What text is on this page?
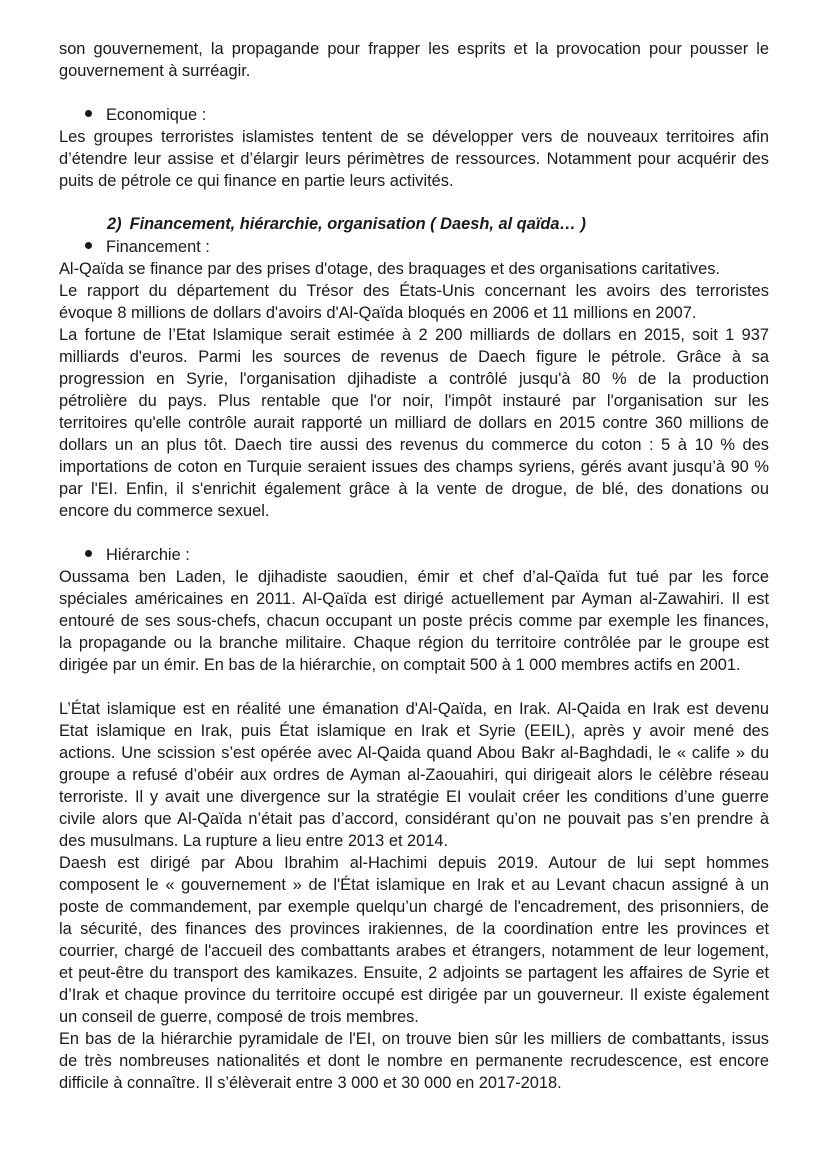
son gouvernement, la propagande pour frapper les esprits et la provocation pour pousser le
gouvernement à surréagir.
Economique :
Les groupes terroristes islamistes tentent de se développer vers de nouveaux territoires afin
d’étendre leur assise et d’élargir leurs périmètres de ressources. Notamment pour acquérir des
puits de pétrole ce qui finance en partie leurs activités.
2) Financement, hiérarchie, organisation ( Daesh, al qaïda… )
Financement :
Al-Qaïda se finance par des prises d'otage, des braquages et des organisations caritatives.
Le rapport du département du Trésor des États-Unis concernant les avoirs des terroristes
évoque 8 millions de dollars d'avoirs d'Al-Qaïda bloqués en 2006 et 11 millions en 2007.
La fortune de l’Etat Islamique serait estimée à 2 200 milliards de dollars en 2015, soit 1 937
milliards d'euros. Parmi les sources de revenus de Daech figure le pétrole. Grâce à sa
progression en Syrie, l'organisation djihadiste a contrôlé jusqu'à 80 % de la production
pétrolière du pays. Plus rentable que l'or noir, l'impôt instauré par l'organisation sur les
territoires qu'elle contrôle aurait rapporté un milliard de dollars en 2015 contre 360 millions de
dollars un an plus tôt. Daech tire aussi des revenus du commerce du coton : 5 à 10 % des
importations de coton en Turquie seraient issues des champs syriens, gérés avant jusqu’à 90 %
par l'EI. Enfin, il s'enrichit également grâce à la vente de drogue, de blé, des donations ou
encore du commerce sexuel.
Hiérarchie :
Oussama ben Laden, le djihadiste saoudien, émir et chef d’al-Qaïda fut tué par les force
spéciales américaines en 2011. Al-Qaïda est dirigé actuellement par Ayman al-Zawahiri. Il est
entouré de ses sous-chefs, chacun occupant un poste précis comme par exemple les finances,
la propagande ou la branche militaire. Chaque région du territoire contrôlée par le groupe est
dirigée par un émir. En bas de la hiérarchie, on comptait 500 à 1 000 membres actifs en 2001.
L’État islamique est en réalité une émanation d'Al-Qaïda, en Irak. Al-Qaida en Irak est devenu
Etat islamique en Irak, puis État islamique en Irak et Syrie (EEIL), après y avoir mené des
actions. Une scission s’est opérée avec Al-Qaida quand Abou Bakr al-Baghdadi, le « calife » du
groupe a refusé d’obéir aux ordres de Ayman al-Zaouahiri, qui dirigeait alors le célèbre réseau
terroriste. Il y avait une divergence sur la stratégie EI voulait créer les conditions d’une guerre
civile alors que Al-Qaïda n’était pas d’accord, considérant qu’on ne pouvait pas s’en prendre à
des musulmans. La rupture a lieu entre 2013 et 2014.
Daesh est dirigé par Abou Ibrahim al-Hachimi depuis 2019. Autour de lui sept hommes
composent le « gouvernement » de l'État islamique en Irak et au Levant chacun assigné à un
poste de commandement, par exemple quelqu’un chargé de l'encadrement, des prisonniers, de
la sécurité, des finances des provinces irakiennes, de la coordination entre les provinces et
courrier, chargé de l'accueil des combattants arabes et étrangers, notamment de leur logement,
et peut-être du transport des kamikazes. Ensuite, 2 adjoints se partagent les affaires de Syrie et
d’Irak et chaque province du territoire occupé est dirigée par un gouverneur. Il existe également
un conseil de guerre, composé de trois membres.
En bas de la hiérarchie pyramidale de l'EI, on trouve bien sûr les milliers de combattants, issus
de très nombreuses nationalités et dont le nombre en permanente recrudescence, est encore
difficile à connaître. Il s’élèverait entre 3 000 et 30 000 en 2017-2018.
